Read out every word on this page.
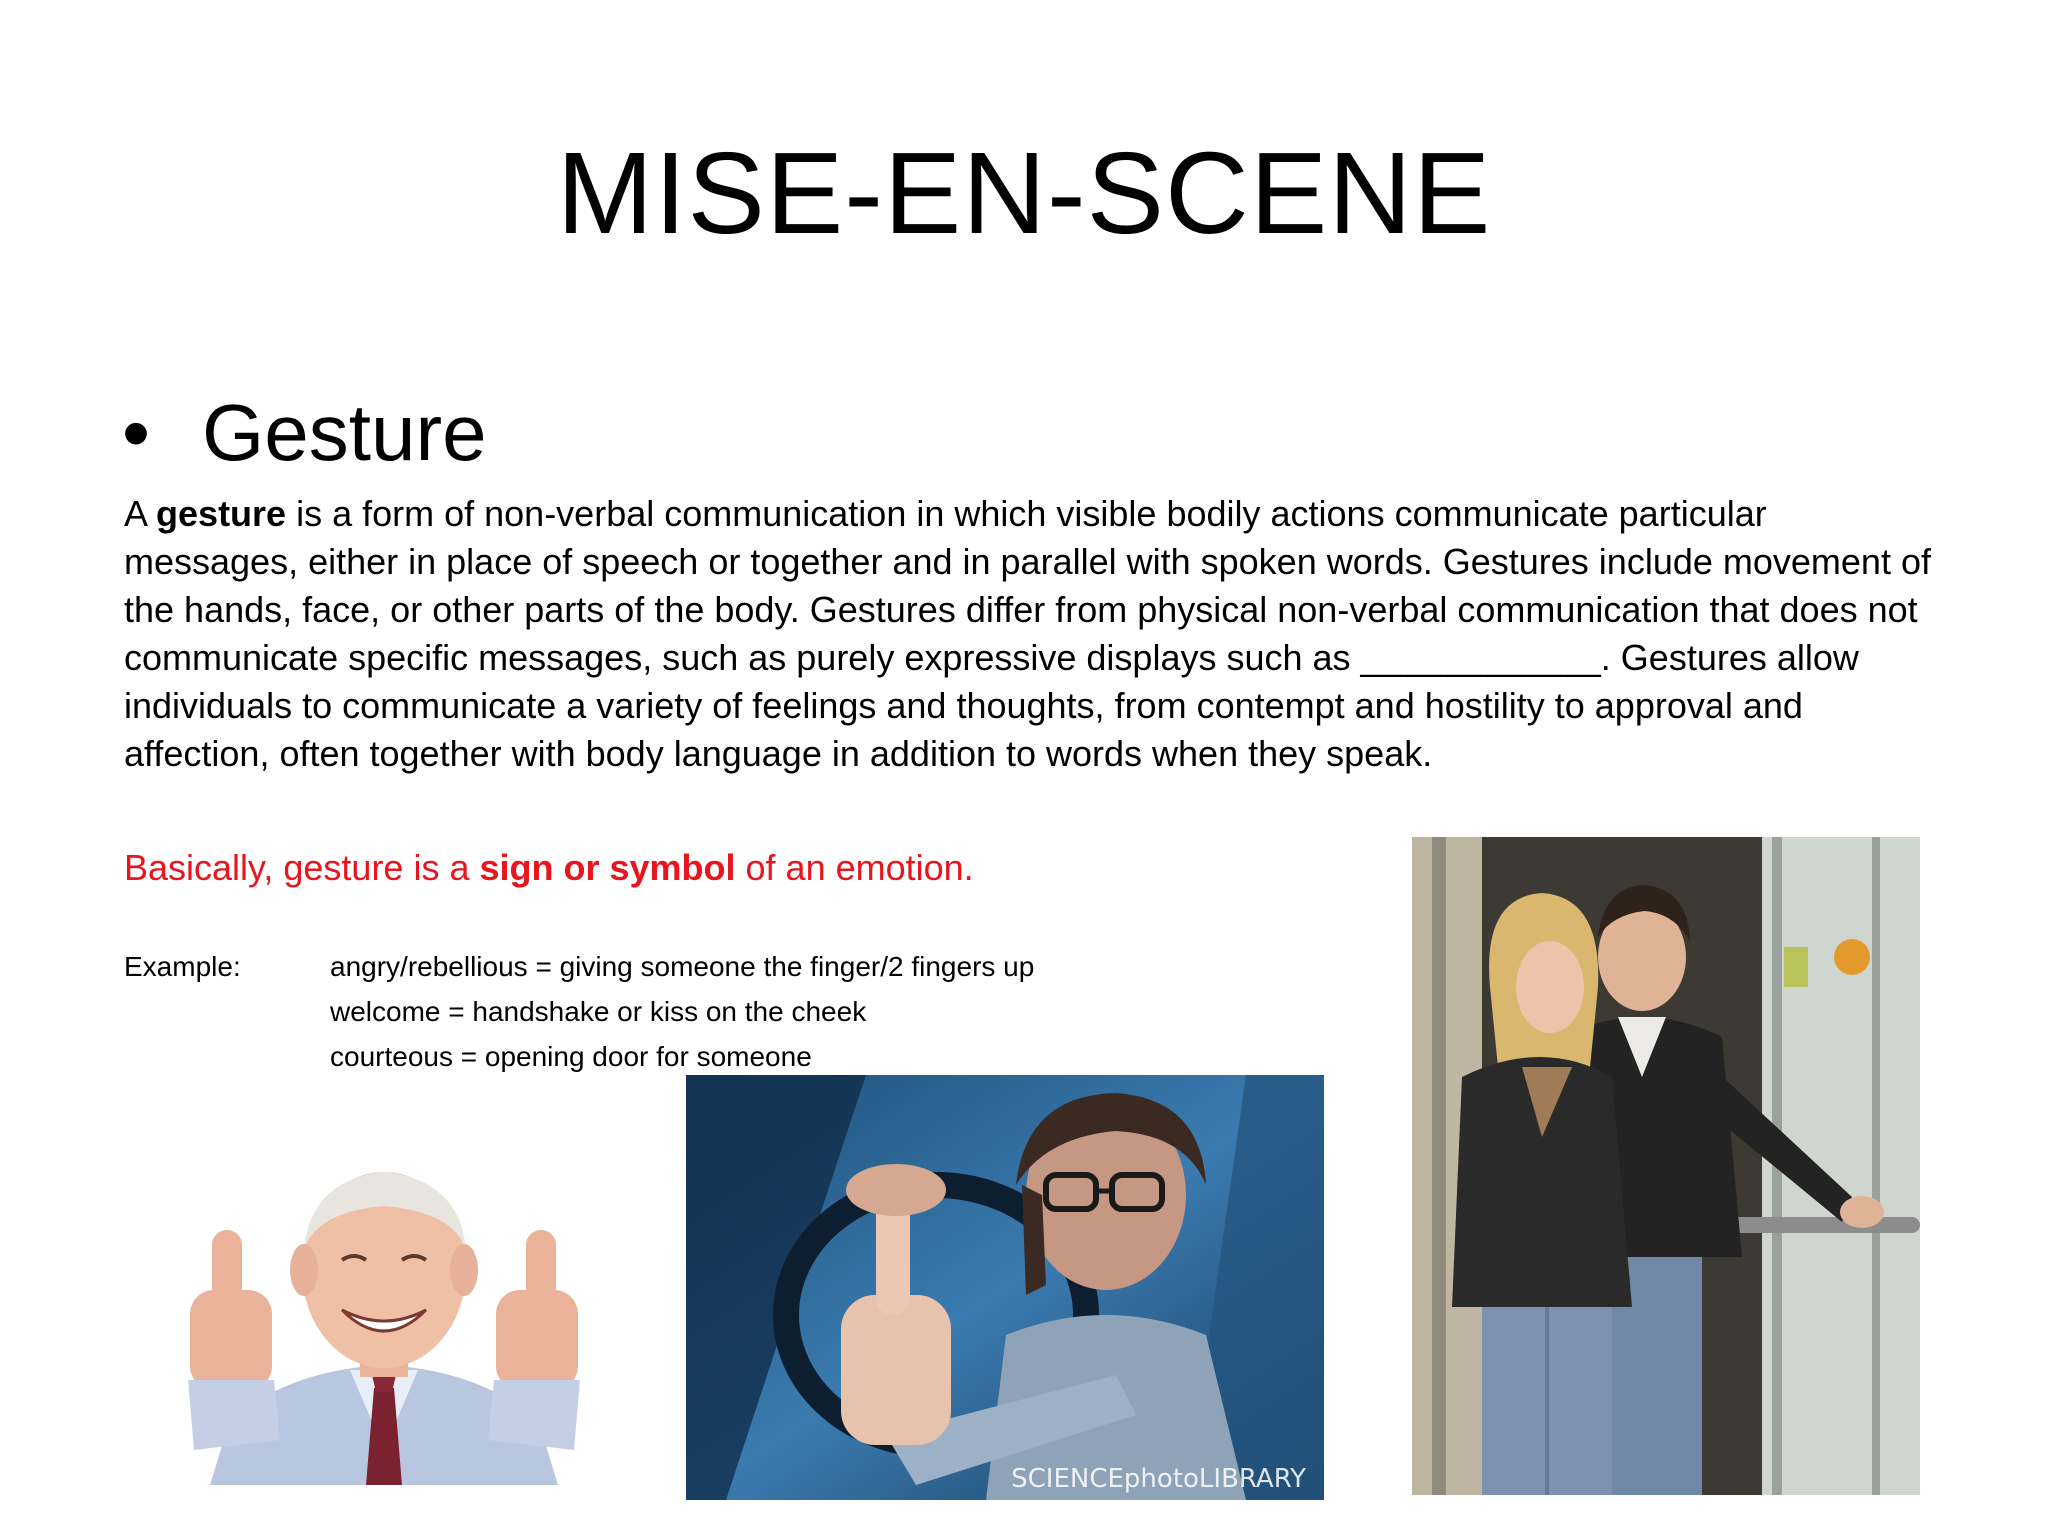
MISE-EN-SCENE
• Gesture
A gesture is a form of non-verbal communication in which visible bodily actions communicate particular messages, either in place of speech or together and in parallel with spoken words. Gestures include movement of the hands, face, or other parts of the body. Gestures differ from physical non-verbal communication that does not communicate specific messages, such as purely expressive displays such as ____________. Gestures allow individuals to communicate a variety of feelings and thoughts, from contempt and hostility to approval and affection, often together with body language in addition to words when they speak.
Basically, gesture is a sign or symbol of an emotion.
Example:	angry/rebellious = giving someone the finger/2 fingers up
welcome = handshake or kiss on the cheek
courteous = opening door for someone
SCIENCEphotoLIBRARY
